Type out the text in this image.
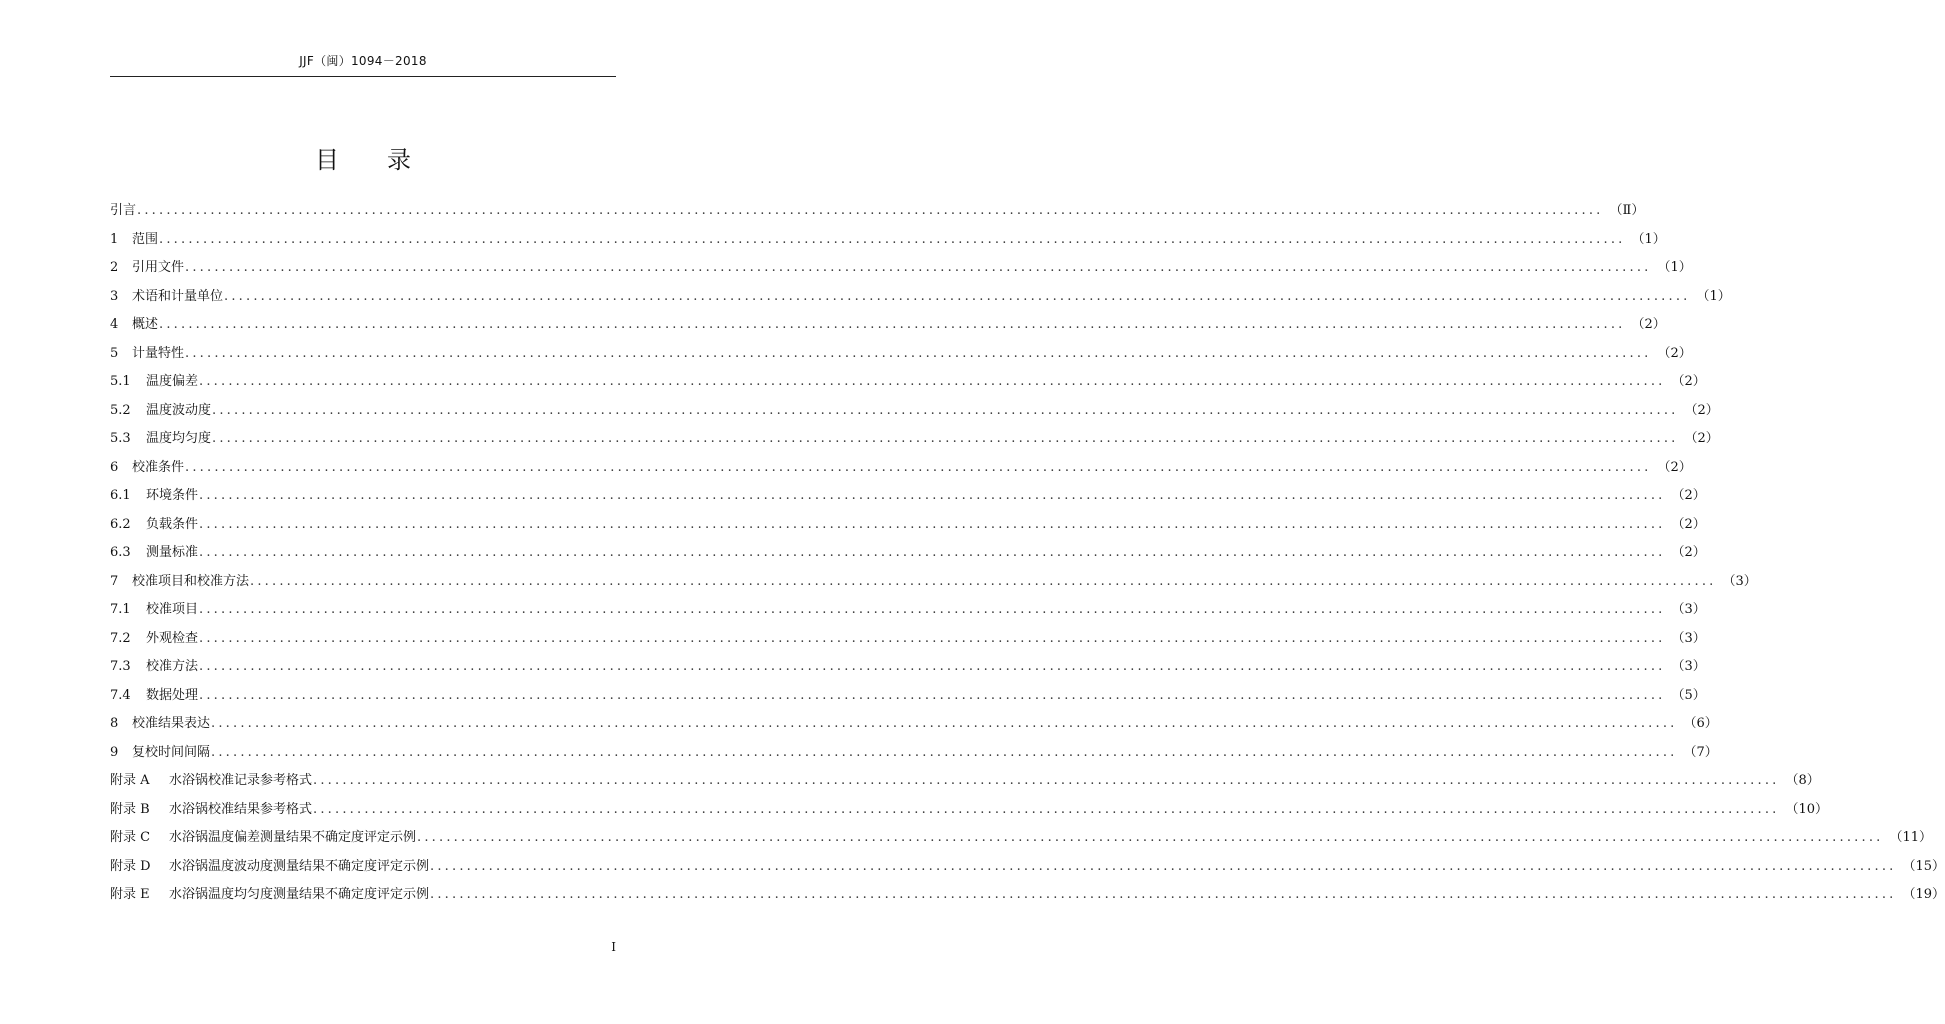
JJF（闽）1094－2018
目　　录
引言 ........................................................................................................................................................................................................ （Ⅱ）
1	范围 ........................................................................................................................................................................................................ （1）
2	引用文件 ........................................................................................................................................................................................................ （1）
3	术语和计量单位 ........................................................................................................................................................................................................ （1）
4	概述 ........................................................................................................................................................................................................ （2）
5	计量特性 ........................................................................................................................................................................................................ （2）
5.1	温度偏差 ........................................................................................................................................................................................................ （2）
5.2	温度波动度 ........................................................................................................................................................................................................ （2）
5.3	温度均匀度 ........................................................................................................................................................................................................ （2）
6	校准条件 ........................................................................................................................................................................................................ （2）
6.1	环境条件 ........................................................................................................................................................................................................ （2）
6.2	负载条件 ........................................................................................................................................................................................................ （2）
6.3	测量标准 ........................................................................................................................................................................................................ （2）
7	校准项目和校准方法 ........................................................................................................................................................................................................ （3）
7.1	校准项目 ........................................................................................................................................................................................................ （3）
7.2	外观检查 ........................................................................................................................................................................................................ （3）
7.3	校准方法 ........................................................................................................................................................................................................ （3）
7.4	数据处理 ........................................................................................................................................................................................................ （5）
8	校准结果表达 ........................................................................................................................................................................................................ （6）
9	复校时间间隔 ........................................................................................................................................................................................................ （7）
附录 A	水浴锅校准记录参考格式 ........................................................................................................................................................................................................ （8）
附录 B	水浴锅校准结果参考格式 ........................................................................................................................................................................................................ （10）
附录 C	水浴锅温度偏差测量结果不确定度评定示例 ........................................................................................................................................................................................................ （11）
附录 D	水浴锅温度波动度测量结果不确定度评定示例 ........................................................................................................................................................................................................ （15）
附录 E	水浴锅温度均匀度测量结果不确定度评定示例 ........................................................................................................................................................................................................ （19）
I
